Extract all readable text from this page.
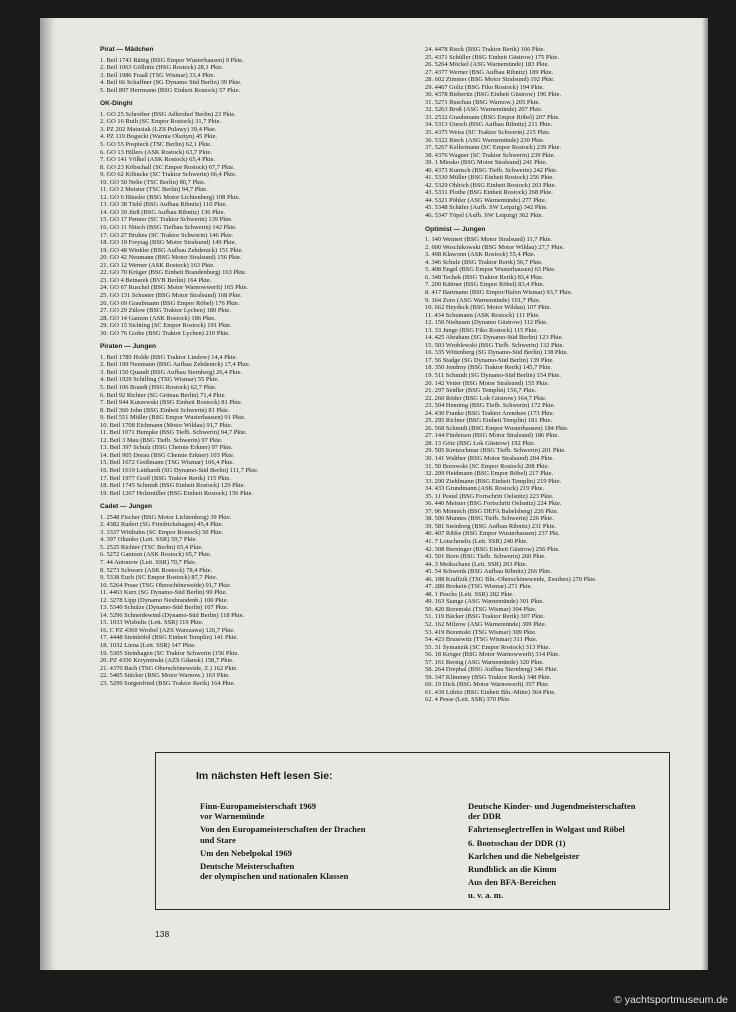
Pirat — Mädchen
1. Beil 1743 Rättig (BSG Empor Wusterhausen) 9 Pkte.
2. Beil 1063 Göllnitz (HSG Rostock) 28,1 Pkte.
3. Beil 1986 Fraaß (TSG Wismar) 33,4 Pkte.
4. Beil 66 Schaffner (SG Dynamo Süd Berlin) 39 Pkte.
5. Beil 897 Herrmann (BSG Einheit Rostock) 57 Pkte.
OK-Dinghi
1. GO 25 Schreiber (BSG Adlershof Berlin) 23 Pkte.
2. GO 16 Ruth (SC Empor Rostock) 31,7 Pkte.
3. PZ 202 Matusiak (LZS Pulawy) 39,4 Pkte.
4. PZ 119 Bogucki (Warnia Olsztyn) 45 Pkte.
5. GO 55 Pospiech (TSC Berlin) 62,1 Pkte.
6. GO 13 Hillers (ASK Rostock) 63,7 Pkte.
7. GO 141 Völkel (ASK Rostock) 65,4 Pkte.
8. GO 23 Köbschall (SC Empor Rostock) 67,7 Pkte.
9. GO 62 Köhncke (SC Traktor Schwerin) 66,4 Pkte.
10. GO 50 Nelte (TSC Berlin) 80,7 Pkte.
11. GO 2 Meister (TSC Berlin) 94,7 Pkte.
12. GO 6 Häusler (BSG Motor Lichtenberg) 108 Pkte.
13. GO 38 Tiehl (BSG Aufbau Ribnitz) 110 Pkte.
14. GO 39 Jürß (BSG Aufbau Ribnitz) 136 Pkte.
15. GO 17 Penner (SC Traktor Schwerin) 139 Pkte.
16. GO 11 Nitsch (BSG Tiefbau Schwerin) 142 Pkte.
17. GO 27 Bruhns (SC Traktor Schwerin) 146 Pkte.
18. GO 19 Freytag (BSG Motor Stralsund) 149 Pkte.
19. GO 48 Winkler (BSG Aufbau Zehdenick) 151 Pkte.
20. GO 42 Neumann (BSG Motor Stralsund) 156 Pkte.
21. GO 12 Werner (ASK Rostock) 163 Pkte.
22. GO 70 Krüger (BSG Einheit Brandenburg) 163 Pkte.
23. GO 4 Betnarek (BVB Berlin) 164 Pkte.
24. GO 67 Ruschel (BSG Motor Warnowwerft) 165 Pkte.
25. GO 131 Schuster (BSG Motor Stralsund) 168 Pkte.
26. GO 69 Graubmann (BSG Empor Röbel) 176 Pkte.
27. GO 29 Zülow (BSG Traktor Lychen) 180 Pkte.
28. GO 14 Ganzen (ASK Rostock) 186 Pkte.
29. GO 15 Sichting (SC Empor Rostock) 191 Pkte.
30. GO 76 Gothe (BSG Traktor Lychen) 210 Pkte.
Piraten — Jungen
1. Beil 1789 Holde (BSG Traktor Lindow) 14,4 Pkte.
2. Beil 199 Neumann (BSG Aufbau Zehdenick) 17,4 Pkte.
3. Beil 150 Quandt (BSG Aufbau Sternberg) 26,4 Pkte.
4. Beil 1929 Schilling (TSG Wismar) 55 Pkte.
5. Beil 106 Brandt (HSG Rostock) 62,7 Pkte.
6. Beil 92 Richter (SG Grünau Berlin) 71,4 Pkte.
7. Beil 944 Kuszewski (BSG Einheit Rostock) 81 Pkte.
8. Beil 360 John (BSG Einheit Schwerin) 81 Pkte.
9. Beil 551 Müller (BSG Empor Wusterhausen) 91 Pkte.
10. Beil 1708 Eichmann (Motor Wildau) 91,7 Pkte.
11. Beil 1071 Hempke (BSG Tiefb. Schwerin) 94,7 Pkte.
12. Beil 3 Mau (BSG Tiefb. Schwerin) 97 Pkte.
13. Beil 397 Schulz (BSG Chemie Erkner) 97 Pkte.
14. Beil 905 Dorau (BSG Chemie Erkner) 103 Pkte.
15. Beil 1672 Greßmann (TSG Wismar) 106,4 Pkte.
16. Beil 1619 Lutthardt (SG Dynamo-Süd Berlin) 111,7 Pkte.
17. Beil 1977 Graff (BSG Traktor Rerik) 115 Pkte.
18. Beil 1745 Schmidt (BSG Einheit Rostock) 129 Pkte.
19. Beil 1267 Holzmüller (BSG Einheit Rostock) 156 Pkte.
Cadet — Jungen
1. 2548 Fischer (BSG Motor Lichtenberg) 39 Pkte.
2. 4382 Rudert (SG Friedrichshagen) 45,4 Pkte.
3. 3337 Witthuhn (SC Empor Rostock) 50 Pkte.
4. 397 Oltanko (Lett. SSR) 59,7 Pkte.
5. 2525 Richter (TSC Berlin) 65,4 Pkte.
6. 5272 Gantzen (ASK Rostock) 65,7 Pkte.
7. 44 Antonow (Lett. SSR) 70,7 Pkte.
8. 5273 Schwarz (ASK Rostock) 78,4 Pkte.
9. 5338 Euch (SC Empor Rostock) 87,7 Pkte.
10. 5264 Prase (TSG Oberschöneweide) 91,7 Pkte.
11. 4463 Kurz (SG Dynamo-Süd Berlin) 99 Pkte.
12. 3278 Lipp (Dynamo Neubrandenb.) 100 Pkte.
13. 5340 Schulze (Dynamo-Süd Berlin) 107 Pkte.
14. 5296 Schneidewind (Dynamo-Süd Berlin) 118 Pkte.
15. 1033 Wisbults (Lett. SSR) 119 Pkte.
16. C PZ 4360 Wrobel (AZS Warszawa) 126,7 Pkte.
17. 4448 Steinhöfel (BSG Einheit Templin) 141 Pkte.
18. 1032 Liena (Lett. SSR) 147 Pkte.
19. 5305 Steinhagen (SC Traktor Schwerin (156 Pkte.
20. PZ 4356 Krzyminski (AZS Gdansk) 158,7 Pkte.
21. 4370 Bach (TSG Oberschöneweide, Z.) 162 Pkte.
22. 5405 Stäcker (BSG Motor Warnow.) 163 Pkte.
23. 5299 Sorgenfried (BSG Traktor Rerik) 164 Pkte.
24. 4478 Rieck (BSG Traktor Rerik) 166 Pkte.
25. 4371 Schüller (BSG Einheit Güstrow) 175 Pkte.
26. 5264 Möckel (ASG Warnemünde) 183 Pkte.
27. 4377 Werner (BSG Aufbau Ribnitz) 189 Pkte.
28. 602 Zimmer (BSG Motor Stralsund) 192 Pkte.
29. 4467 Goltz (BSG Fiko Rostock) 194 Pkte.
30. 4378 Bieberitz (BSG Einheit Güstrow) 196 Pkte.
31. 5271 Ruschau (BSG Warnow.) 205 Pkte.
32. 5263 Broß (ASG Warnemünde) 207 Pkte.
33. 2532 Graubmann (BSG Empor Röbel) 207 Pkte.
34. 5313 Utesch (BSG Aufbau Ribnitz) 211 Pkte.
35. 4375 Weiss (SC Traktor Schwerin) 215 Pkte.
36. 5322 Rieck (ASG Warnemünde) 230 Pkte.
37. 5267 Kellermann (SC Empor Rostock) 239 Pkte.
38. 4376 Wagner (SC Traktor Schwerin) 239 Pkte.
39. 1 Miosko (BSG Motor Stralsund) 241 Pkte.
40. 4373 Kunisch (BSG Tiefb. Schwerin) 242 Pkte.
41. 5330 Müller (BSG Einheit Rostock) 256 Pkte.
42. 5329 Ohlrich (BSG Einheit Rostock) 263 Pkte.
43. 5331 Plothe (BSG Einheit Rostock) 268 Pkte.
44. 5321 Pöhler (ASG Warnemünde) 277 Pkte.
45. 5348 Schäfer (Aufb. SW Leipzig) 342 Pkte.
46. 5347 Töpel (Aufb. SW Leipzig) 362 Pkte.
Optimist — Jungen
1. 140 Weinert (BSG Motor Stralsund) 11,7 Pkte.
2. 600 Woschikowski (BSG Motor Wildau) 27,7 Pkte.
3. 498 Klawonn (ASK Rostock) 55,4 Pkte.
4. 346 Schulz (BSG Traktor Rerik) 56,7 Pkte.
5. 408 Engel (BSG Empor Wusterhausen) 63 Pkte.
6. 348 Techek (BSG Traktor Rerik) 83,4 Pkte.
7. 200 Kättner (BSG Empor Röbel) 83,4 Pkte.
8. 417 Bartmann (BSG Empor/Hafen Wismar) 93,7 Pkte.
9. 164 Zorn (ASG Warnemünde) 101,7 Pkte.
10. 662 Heydeck (BSG Motor Wildau) 107 Pkte.
11. 434 Schumann (ASK Rostock) 111 Pkte.
12. 150 Niehusen (Dynamo Güstrow) 112 Pkte.
13. 33 Junge (BSG Fiko Rostock) 115 Pkte.
14. 425 Abraham (SG Dynamo-Süd Berlin) 123 Pkte.
15. 503 Wroblewski (BSG Tiefb. Schwerin) 132 Pkte.
16. 335 Wittenberg (SG Dynamo-Süd Berlin) 138 Pkte.
17. 56 Stadge (SG Dynamo-Süd Berlin) 139 Pkte.
18. 350 Jendrny (BSG Traktor Rerik) 145,7 Pkte.
19. 511 Schmidt (SG Dynamo-Süd Berlin) 154 Pkte.
20. 142 Vetter (BSG Motor Stralsund) 155 Pkte.
21. 297 Seidler (BSG Templin) 156,7 Pkte.
22. 260 Röder (BSG Lok Güstrow) 164,7 Pkte.
23. 504 Henning (BSG Tiefb. Schwerin) 172 Pkte.
24. 430 Franke (BSG Traktor Arendsee (173 Pkte.
25. 295 Richter (BSG Einheit Templin) 181 Pkte.
26. 568 Schmidt (BSG Empor Wusterhausen) 184 Pkte.
27. 144 Findeisen (BSG Motor Stralsund) 186 Pkte.
28. 13 Götz (BSG Lok Güstrow) 192 Pkte.
29. 505 Kretzschmar (BSG Tiefb. Schwerin) 201 Pkte.
30. 141 Walther (BSG Motor Stralsund) 204 Pkte.
31. 50 Borowski (SC Empor Rostock) 208 Pkte.
32. 209 Heidmann (BSG Empor Röbel) 217 Pkte.
33. 290 Ziehlmann (BSG Einheit Templin) 219 Pkte.
34. 433 Grundmann (ASK Rostock) 219 Pkte.
35. 11 Pestel (BSG Fortschritt Oelsnitz) 223 Pkte.
36. 440 Meister (BSG Fortschritt Oelsnitz) 224 Pkte.
37. 96 Mönnich (BSG DEFA Babelsberg) 226 Pkte.
38. 506 Munnes (BSG Tiefb. Schwerin) 226 Pkte.
39. 581 Steinberg (BSG Aufbau Ribnitz) 231 Pkte.
40. 407 Ribbe (BSG Empor Wusterhausen) 237 Pkt.
41. 7 Lotschmelis (Lett. SSR) 240 Pkte.
42. 308 Berninger (BSG Einheit Güstrow) 256 Pkte.
43. 501 Born (BSG Tiefb. Schwerin) 260 Pkte.
44. 3 Meikschans (Lett. SSR) 263 Pkte.
45. 54 Schwenk (BSG Aufbau Ribnitz) 266 Pkte.
46. 188 Kraffzik (TSG Bln.-Oberschöneweide, Zeuthen) 270 Pkte.
47. 289 Brokein (TSG Wismar) 271 Pkte.
48. 1 Peschs (Lett. SSR) 282 Pkte.
49. 163 Stange (ASG Warnemünde) 301 Pkte.
50. 420 Boremski (TSG Wismar) 304 Pkte.
51. 119 Bäcker (BSG Traktor Rerik) 307 Pkte.
52. 162 Milzow (ASG Warnemünde) 309 Pkte.
53. 419 Boremski (TSG Wismar) 309 Pkte.
54. 423 Brusewitz (TSG Wismar) 311 Pkte.
55. 31 Symanzik (SC Empor Rostock) 313 Pkte.
56. 18 Kröger (BSG Motor Warnowwerft) 314 Pkte.
57. 161 Bernig (ASG Warnemünde) 320 Pkte.
58. 264 Drephal (BSG Aufbau Sternberg) 346 Pkte.
59. 347 Klimmey (BSG Traktor Rerik) 348 Pkte.
60. 19 Dick (BSG Motor Warnowerft) 357 Pkte.
61. 439 Lübitz (BSG Einheit Bln.-Mitte) 364 Pkte.
62. 4 Pesse (Lett. SSR) 370 Pkte.
Im nächsten Heft lesen Sie:
Finn-Europameisterschaft 1969
vor Warnemünde
Von den Europameisterschaften der Drachen
und Stare
Um den Nebelpokal 1969
Deutsche Meisterschaften
der olympischen und nationalen Klassen
Deutsche Kinder- und Jugendmeisterschaften
der DDR
Fahrtenseglertreffen in Wolgast und Röbel
6. Bootsschau der DDR (1)
Karlchen und die Nebelgeister
Rundblick an die Kimm
Aus den BFA-Bereichen
u. v. a. m.
138
© yachtsportmuseum.de
